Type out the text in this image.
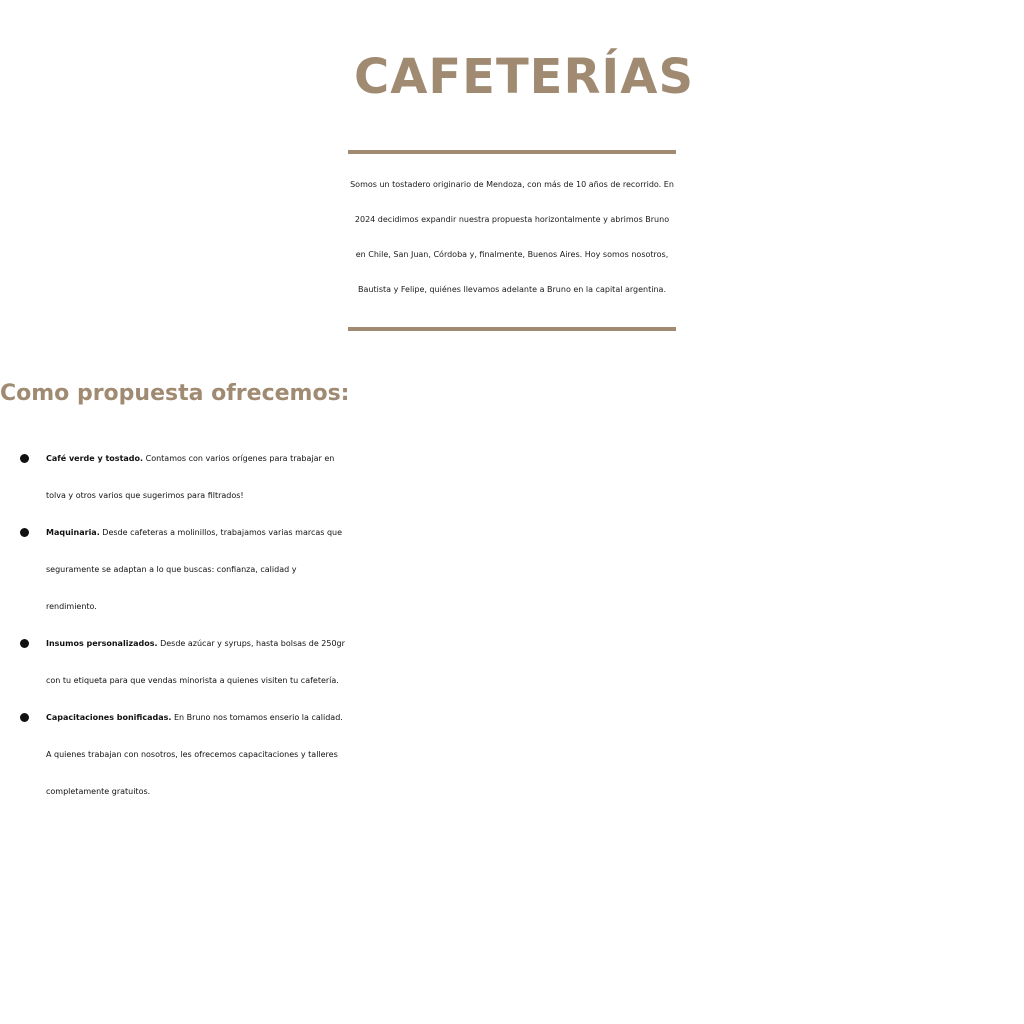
CAFETERÍAS
Somos un tostadero originario de Mendoza, con más de 10 años de recorrido. En
2024 decidimos expandir nuestra propuesta horizontalmente y abrimos Bruno
en Chile, San Juan, Córdoba y, finalmente, Buenos Aires. Hoy somos nosotros,
Bautista y Felipe, quiénes llevamos adelante a Bruno en la capital argentina.
Como propuesta ofrecemos:
Café verde y tostado. Contamos con varios orígenes para trabajar en
tolva y otros varios que sugerimos para filtrados!
Maquinaria. Desde cafeteras a molinillos, trabajamos varias marcas que
seguramente se adaptan a lo que buscas: confianza, calidad y
rendimiento.
Insumos personalizados. Desde azúcar y syrups, hasta bolsas de 250gr
con tu etiqueta para que vendas minorista a quienes visiten tu cafetería.
Capacitaciones bonificadas. En Bruno nos tomamos enserio la calidad.
A quienes trabajan con nosotros, les ofrecemos capacitaciones y talleres
completamente gratuitos.
